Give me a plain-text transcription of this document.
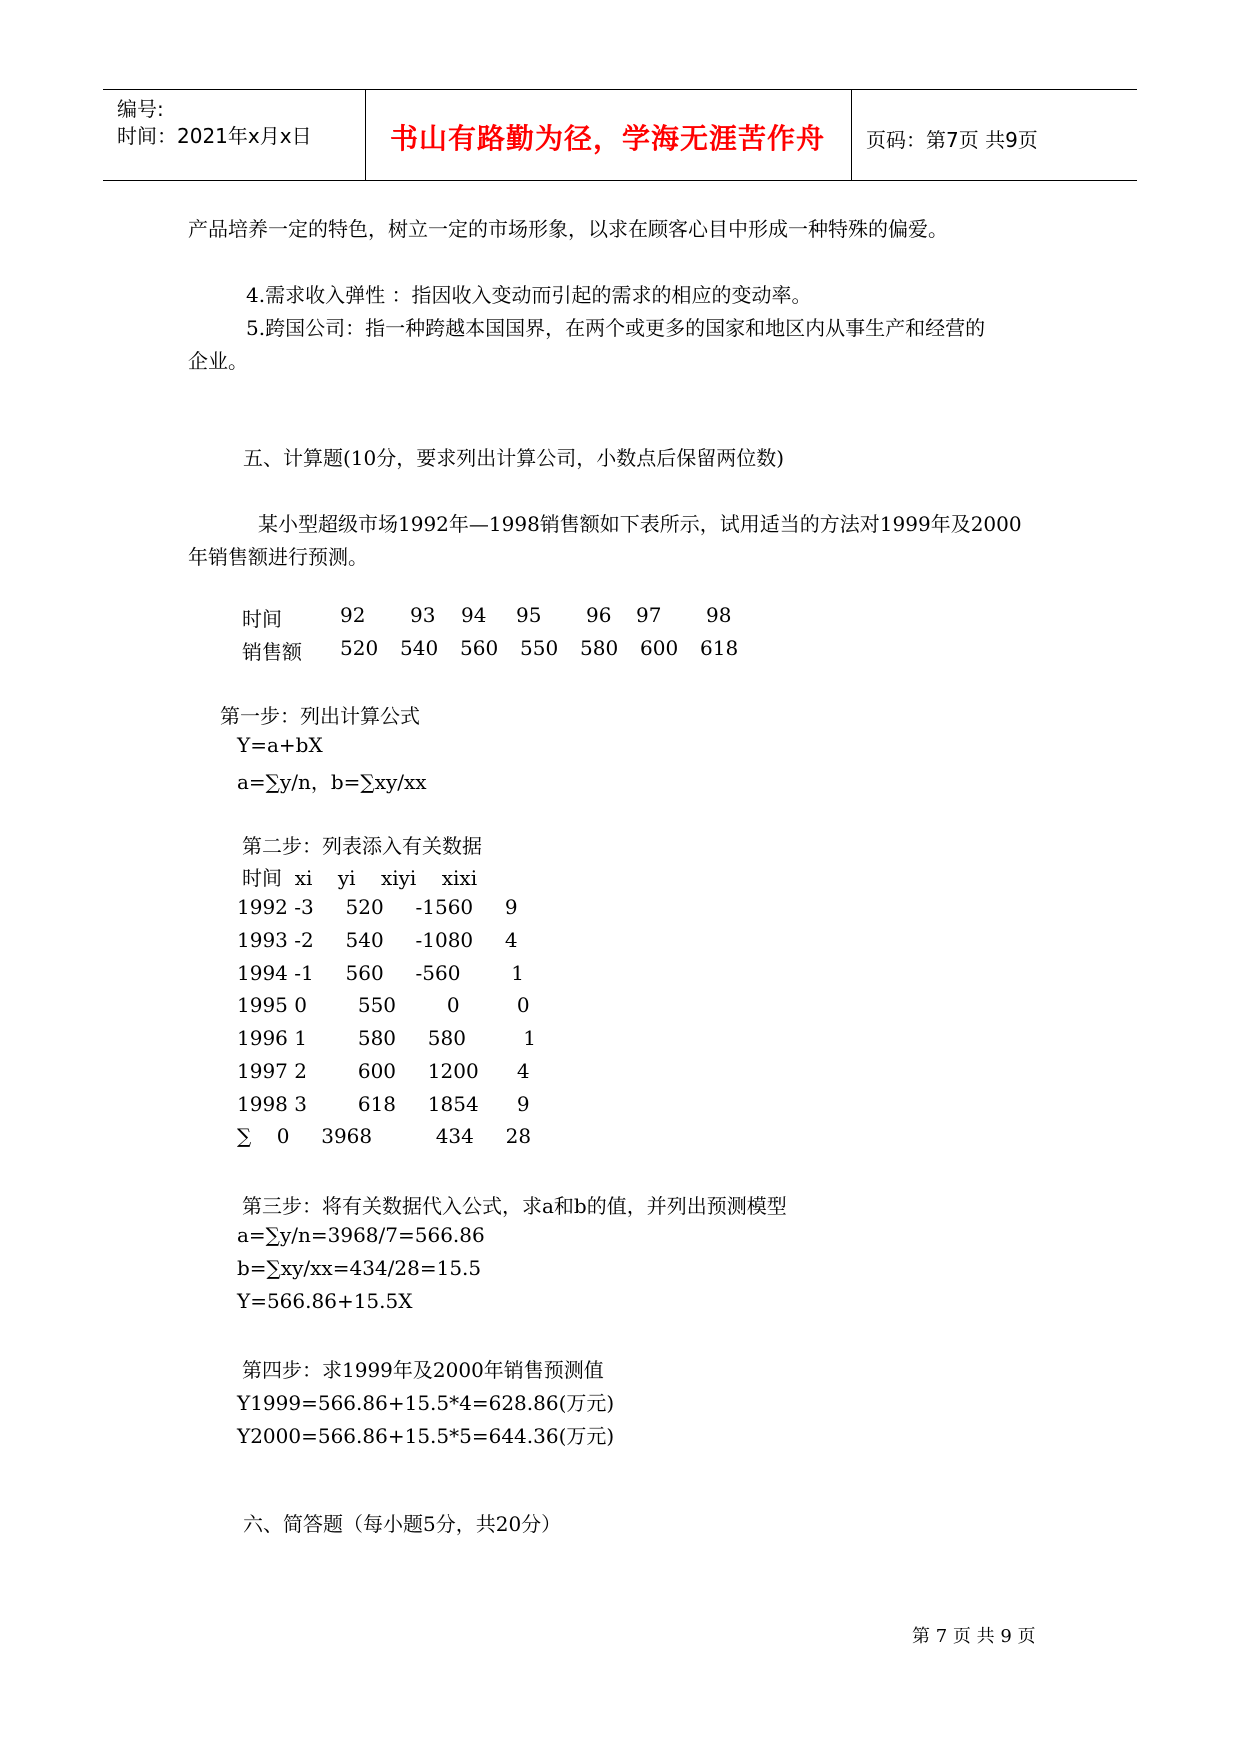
编号:
时间：2021年x月x日	书山有路勤为径，学海无涯苦作舟 页码：第7页 共9页
产品培养一定的特色，树立一定的市场形象，以求在顾客心目中形成一种特殊的偏爱。
4.需求收入弹性 ：指因收入变动而引起的需求的相应的变动率。
5.跨国公司：指一种跨越本国国界，在两个或更多的国家和地区内从事生产和经营的
企业。
五、计算题(10分，要求列出计算公司，小数点后保留两位数)
某小型超级市场1992年—1998销售额如下表所示，试用适当的方法对1999年及2000
年销售额进行预测。
时间	92 93 94 95 96 97 98
销售额 520 540 560 550 580 600 618
第一步：列出计算公式
Y=a+bX
a=∑y/n，b=∑xy/xx
第二步：列表添入有关数据
时间  xi    yi    xiyi    xixi
1992 -3     520     -1560     9
1993 -2     540     -1080     4
1994 -1     560     -560        1
1995 0        550        0         0
1996 1        580     580         1
1997 2        600     1200      4
1998 3        618     1854      9
∑    0     3968          434     28
第三步：将有关数据代入公式，求a和b的值，并列出预测模型
a=∑y/n=3968/7=566.86
b=∑xy/xx=434/28=15.5
Y=566.86+15.5X
第四步：求1999年及2000年销售预测值
Y1999=566.86+15.5*4=628.86(万元)
Y2000=566.86+15.5*5=644.36(万元)
六、简答题（每小题5分，共20分）
第 7 页 共 9 页
